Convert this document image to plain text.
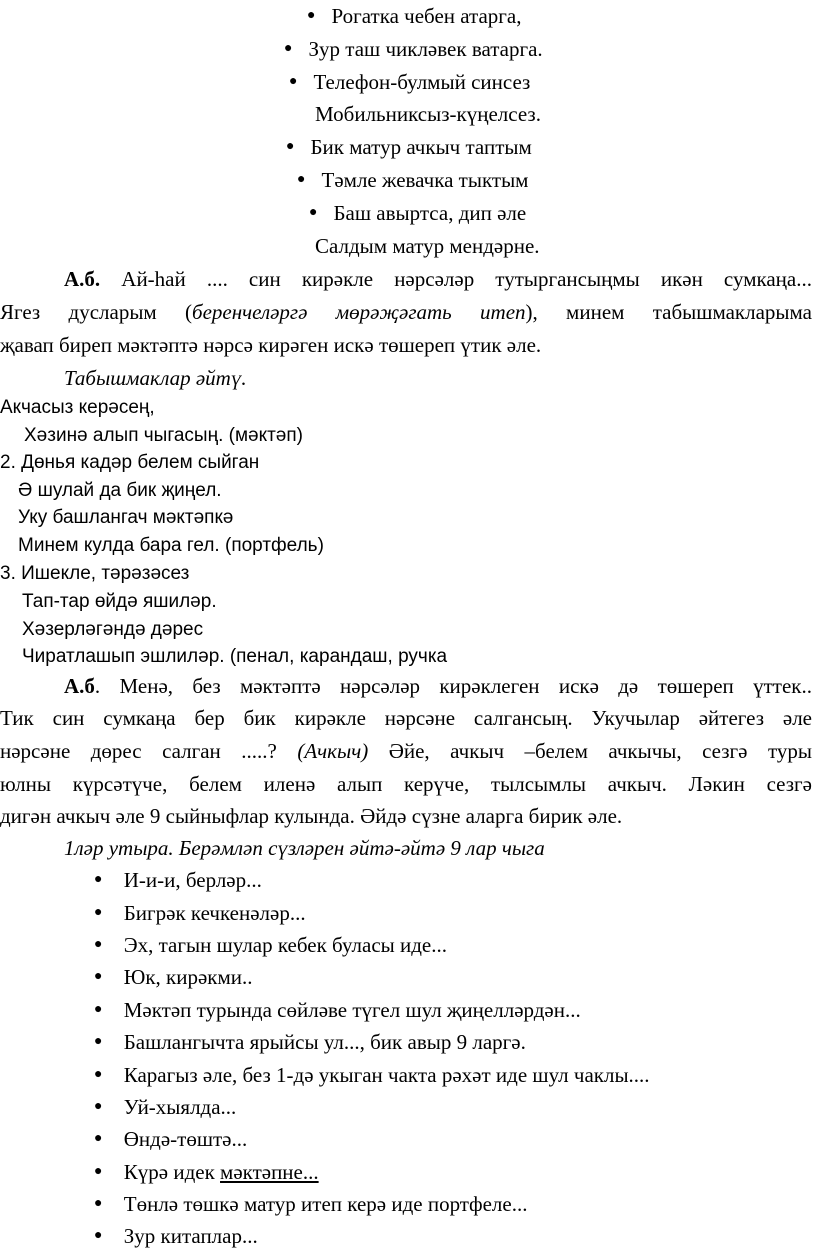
● Рогатка чебен атарга,
● Зур таш чикләвек ватарга.
● Телефон-булмый синсез
Мобильниксыз-күңелсез.
● Бик матур ачкыч таптым
● Тәмле жевачка тыктым
● Баш авыртса, дип әле
Салдым матур мендәрне.
А.б. Ай-һай .... син кирәкле нәрсәләр тутыргансыңмы икән сумкаңа...
Ягез дусларым (беренчеләргә мөрәҗәгать итеп), минем табышмакларыма
җавап биреп мәктәптә нәрсә кирәген искә төшереп үтик әле.
Табышмаклар әйтү.
Акчасыз керәсең,
Хәзинә алып чыгасың. (мәктәп)
2. Дөнья кадәр белем сыйган
Ә шулай да бик җиңел.
Уку башлангач мәктәпкә
Минем кулда бара гел. (портфель)
3. Ишекле, тәрәзәсез
Тап-тар өйдә яшиләр.
Хәзерләгәндә дәрес
Чиратлашып эшлиләр. (пенал, карандаш, ручка
А.б. Менә, без мәктәптә нәрсәләр кирәклеген искә дә төшереп үттек..
Тик син сумкаңа бер бик кирәкле нәрсәне салгансың. Укучылар әйтегез әле
нәрсәне дөрес салган .....? (Ачкыч) Әйе, ачкыч –белем ачкычы, сезгә туры
юлны күрсәтүче, белем иленә алып керүче, тылсымлы ачкыч. Ләкин сезгә
дигән ачкыч әле 9 сыйныфлар кулында. Әйдә сүзне аларга бирик әле.
1ләр утыра. Берәмләп сүзләрен әйтә-әйтә 9 лар чыга
● И-и-и, берләр...
● Бигрәк кечкенәләр...
● Эх, тагын шулар кебек буласы иде...
● Юк, кирәкми..
● Мәктәп турында сөйләве түгел шул җиңелләрдән...
● Башлангычта ярыйсы ул..., бик авыр 9 ларгә.
● Карагыз әле, без 1-дә укыган чакта рәхәт иде шул чаклы....
● Уй-хыялда...
● Өндә-төштә...
● Күрә идек мәктәпне...
● Төнлә төшкә матур итеп керә иде портфеле...
● Зур китаплар...
